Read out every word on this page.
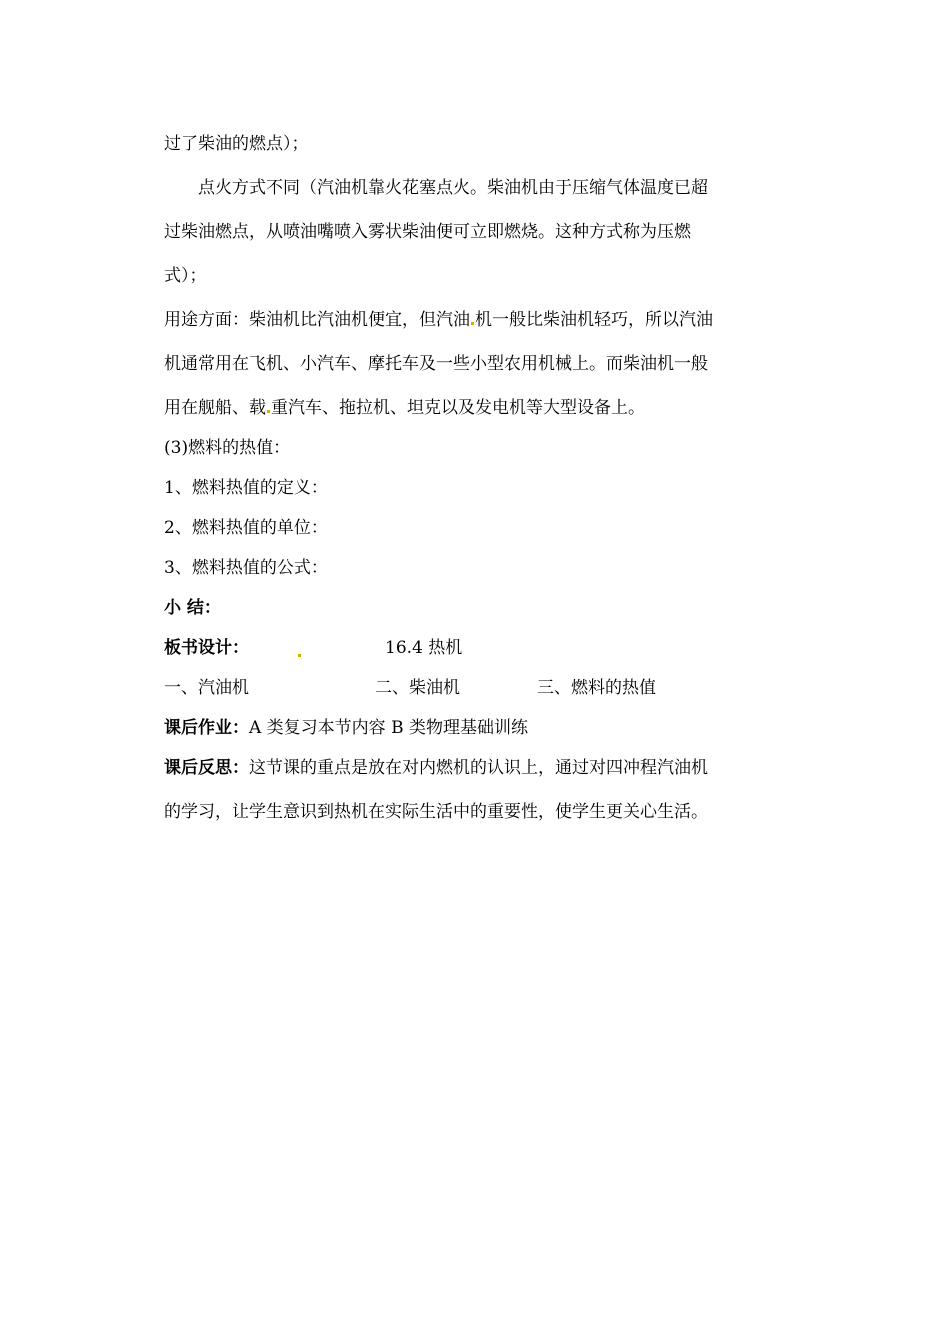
过了柴油的燃点）；

点火方式不同（汽油机靠火花塞点火。柴油机由于压缩气体温度已超

过柴油燃点，从喷油嘴喷入雾状柴油便可立即燃烧。这种方式称为压燃

式）；

用途方面：柴油机比汽油机便宜，但汽油 机一般比柴油机轻巧，所以汽油

机通常用在飞机、小汽车、摩托车及一些小型农用机械上。而柴油机一般

用在舰船、载 重汽车、拖拉机、坦克以及发电机等大型设备上。

(3)燃料的热值：

1、燃料热值的定义：

2、燃料热值的单位：

3、燃料热值的公式：

小 结：

板书设计：	16.4 热机
一、汽油机	二、柴油机	三、燃料的热值

课后作业：A 类复习本节内容 B 类物理基础训练

课后反思：这节课的重点是放在对内燃机的认识上，通过对四冲程汽油机

的学习，让学生意识到热机在实际生活中的重要性，使学生更关心生活。
